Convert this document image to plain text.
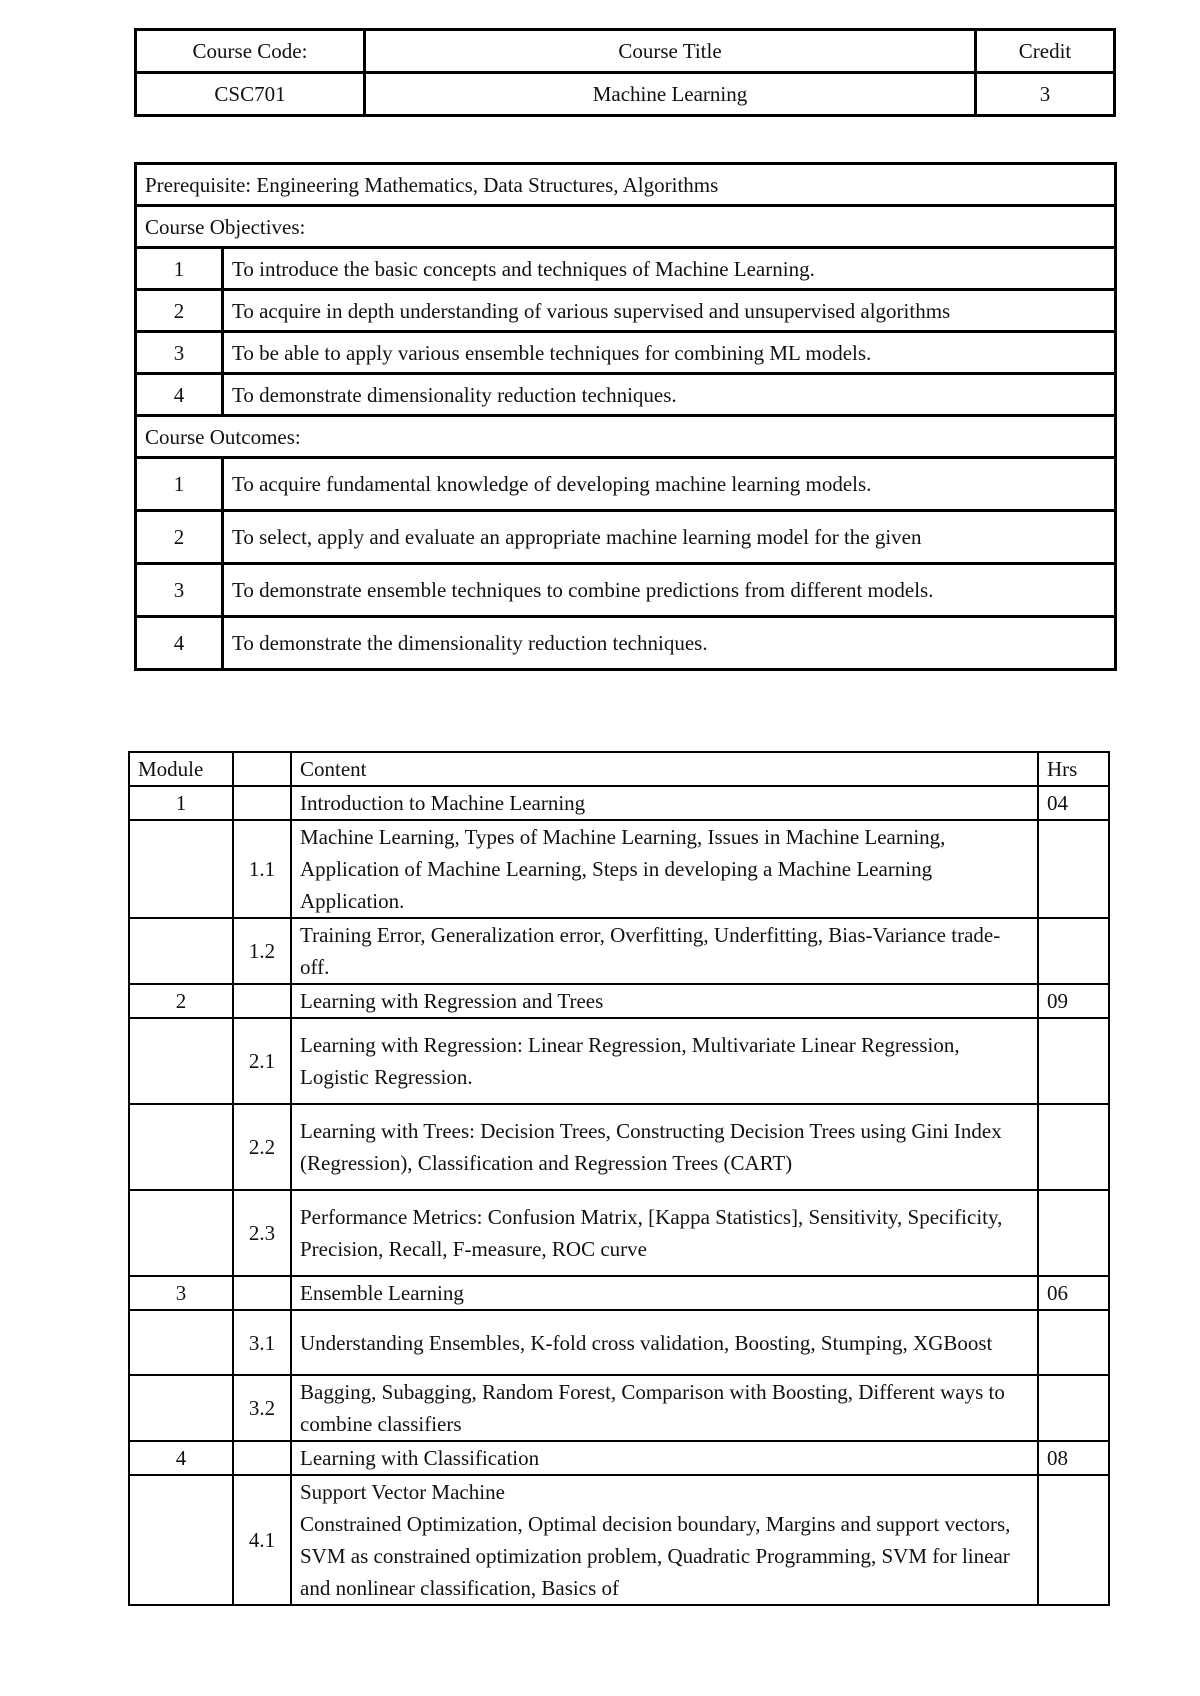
Course Code:	Course Title	Credit
CSC701	Machine Learning	3
Prerequisite: Engineering Mathematics, Data Structures, Algorithms	
Course Objectives:	
1	To introduce the basic concepts and techniques of Machine Learning.
2	To acquire in depth understanding of various supervised and unsupervised algorithms
3	To be able to apply various ensemble techniques for combining ML models.
4	To demonstrate dimensionality reduction techniques.
Course Outcomes:	
1	To acquire fundamental knowledge of developing machine learning models.
2	To select, apply and evaluate an appropriate machine learning model for the given
3	To demonstrate ensemble techniques to combine predictions from different models.
4	To demonstrate the dimensionality reduction techniques.
Module		Content	Hrs
1		Introduction to Machine Learning	04
	1.1	Machine Learning, Types of Machine Learning, Issues in Machine Learning, Application of Machine Learning, Steps in developing a Machine Learning Application.	
	1.2	Training Error, Generalization error, Overfitting, Underfitting, Bias-Variance trade-off.	
2		Learning with Regression and Trees	09
	2.1	Learning with Regression: Linear Regression, Multivariate Linear Regression, Logistic Regression.	
	2.2	Learning with Trees: Decision Trees, Constructing Decision Trees using Gini Index (Regression), Classification and Regression Trees (CART)	
	2.3	Performance Metrics: Confusion Matrix, [Kappa Statistics], Sensitivity, Specificity, Precision, Recall, F-measure, ROC curve	
3		Ensemble Learning	06
	3.1	Understanding Ensembles, K-fold cross validation, Boosting, Stumping, XGBoost	
	3.2	Bagging, Subagging, Random Forest, Comparison with Boosting, Different ways to combine classifiers	
4		Learning with Classification	08
	4.1	Support Vector Machine
Constrained Optimization, Optimal decision boundary, Margins and support vectors, SVM as constrained optimization problem, Quadratic Programming, SVM for linear and nonlinear classification, Basics of	
